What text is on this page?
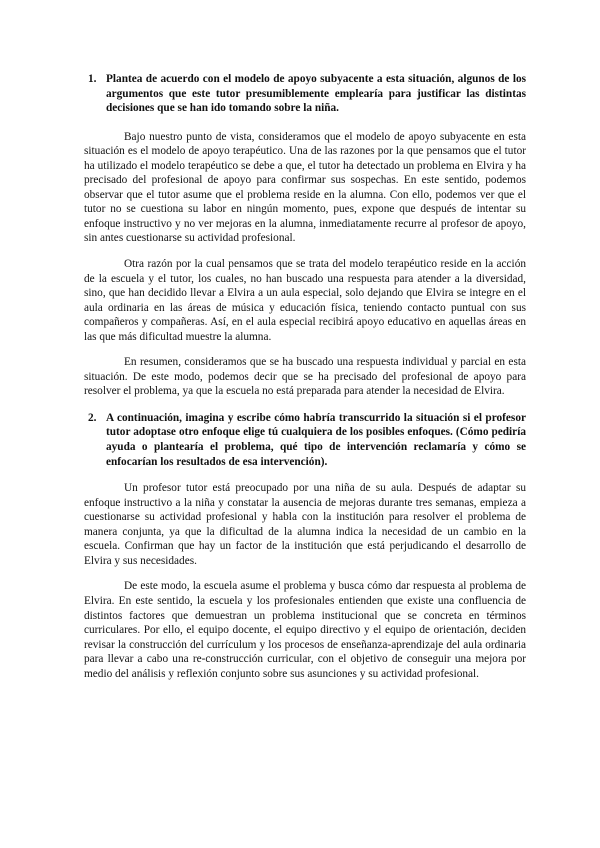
1. Plantea de acuerdo con el modelo de apoyo subyacente a esta situación, algunos de los argumentos que este tutor presumiblemente emplearía para justificar las distintas decisiones que se han ido tomando sobre la niña.

Bajo nuestro punto de vista, consideramos que el modelo de apoyo subyacente en esta situación es el modelo de apoyo terapéutico. Una de las razones por la que pensamos que el tutor ha utilizado el modelo terapéutico se debe a que, el tutor ha detectado un problema en Elvira y ha precisado del profesional de apoyo para confirmar sus sospechas. En este sentido, podemos observar que el tutor asume que el problema reside en la alumna. Con ello, podemos ver que el tutor no se cuestiona su labor en ningún momento, pues, expone que después de intentar su enfoque instructivo y no ver mejoras en la alumna, inmediatamente recurre al profesor de apoyo, sin antes cuestionarse su actividad profesional.

Otra razón por la cual pensamos que se trata del modelo terapéutico reside en la acción de la escuela y el tutor, los cuales, no han buscado una respuesta para atender a la diversidad, sino, que han decidido llevar a Elvira a un aula especial, solo dejando que Elvira se integre en el aula ordinaria en las áreas de música y educación física, teniendo contacto puntual con sus compañeros y compañeras. Así, en el aula especial recibirá apoyo educativo en aquellas áreas en las que más dificultad muestre la alumna.

En resumen, consideramos que se ha buscado una respuesta individual y parcial en esta situación. De este modo, podemos decir que se ha precisado del profesional de apoyo para resolver el problema, ya que la escuela no está preparada para atender la necesidad de Elvira.

2. A continuación, imagina y escribe cómo habría transcurrido la situación si el profesor tutor adoptase otro enfoque elige tú cualquiera de los posibles enfoques. (Cómo pediría ayuda o plantearía el problema, qué tipo de intervención reclamaría y cómo se enfocarían los resultados de esa intervención).

Un profesor tutor está preocupado por una niña de su aula. Después de adaptar su enfoque instructivo a la niña y constatar la ausencia de mejoras durante tres semanas, empieza a cuestionarse su actividad profesional y habla con la institución para resolver el problema de manera conjunta, ya que la dificultad de la alumna indica la necesidad de un cambio en la escuela. Confirman que hay un factor de la institución que está perjudicando el desarrollo de Elvira y sus necesidades.

De este modo, la escuela asume el problema y busca cómo dar respuesta al problema de Elvira. En este sentido, la escuela y los profesionales entienden que existe una confluencia de distintos factores que demuestran un problema institucional que se concreta en términos curriculares. Por ello, el equipo docente, el equipo directivo y el equipo de orientación, deciden revisar la construcción del currículum y los procesos de enseñanza-aprendizaje del aula ordinaria para llevar a cabo una re-construcción curricular, con el objetivo de conseguir una mejora por medio del análisis y reflexión conjunto sobre sus asunciones y su actividad profesional.
